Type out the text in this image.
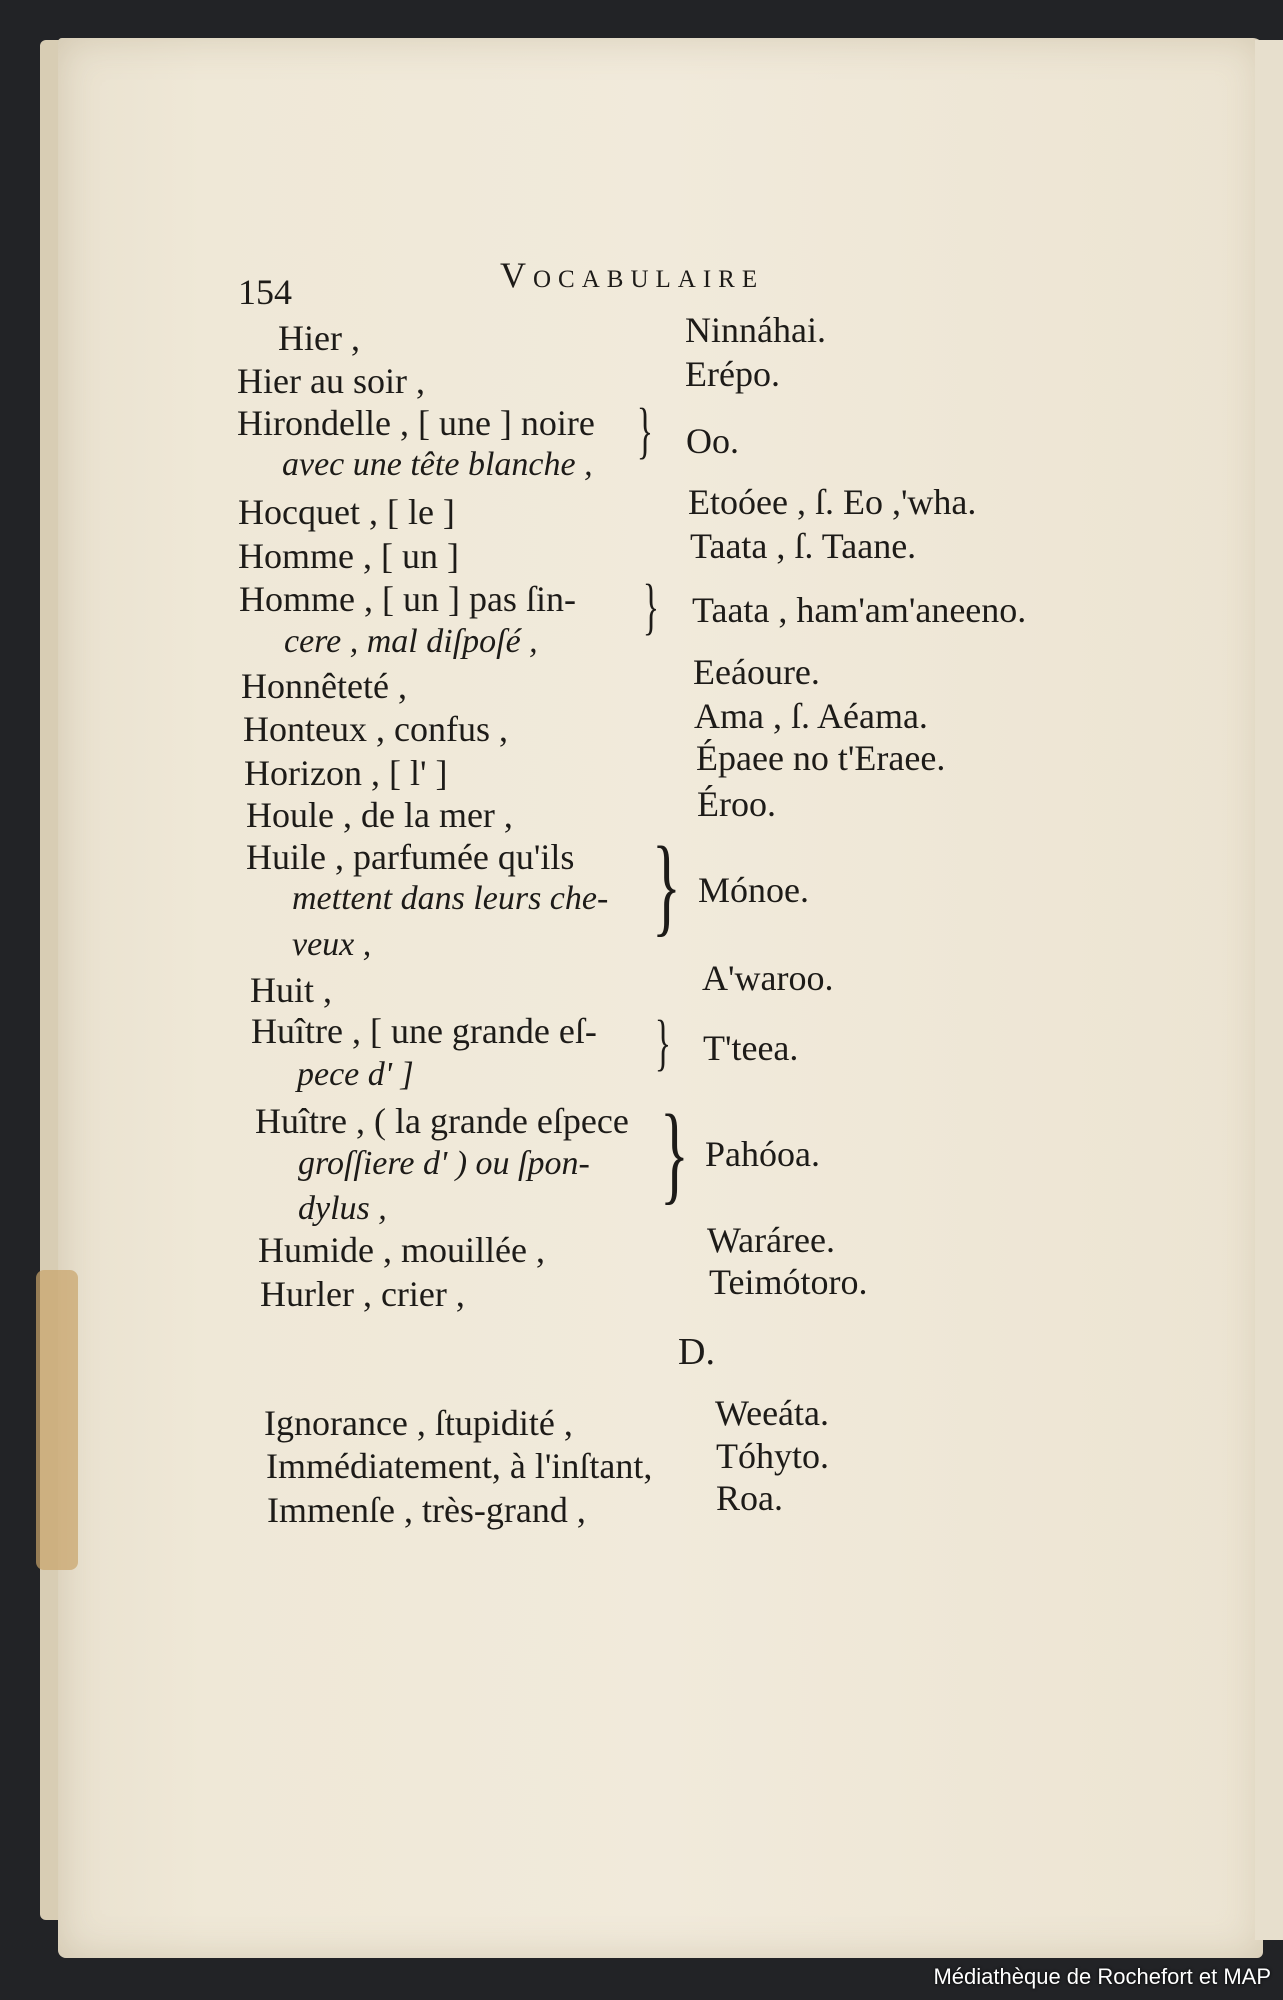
154	Vocabulaire
Hier ,	Ninnáhai.
Hier au soir ,	Erépo.
Hirondelle , [ une ] noire
avec une tête blanche , } Oo.
Hocquet , [ le ]	Etoóee , ſ. Eo ,'wha.
Homme , [ un ]	Taata , ſ. Taane.
Homme , [ un ] pas ſin-
cere , mal diſpoſé ,
} Taata , ham'am'aneeno.
Honnêteté ,	Eeáoure.
Honteux , confus ,	Ama , ſ. Aéama.
Horizon , [ l' ]	Épaee no t'Eraee.
Houle , de la mer ,	Éroo.
Huile , parfumée qu'ils
mettent dans leurs che-
veux ,	} Mónoe.
Huit ,	A'waroo.
Huître , [ une grande eſ-
pece d' ]	} T'teea.
Huître , ( la grande eſpece
groſſiere d' ) ou ſpon-
dylus , } Pahóoa.
Humide , mouillée ,	Waráree.
Hurler , crier ,	Teimótoro.
D.
Ignorance , ſtupidité ,	Weeáta.
Immédiatement, à l'inſtant, Tóhyto.
Immenſe , très-grand ,	Roa.
Médiathèque de Rochefort et MAP
